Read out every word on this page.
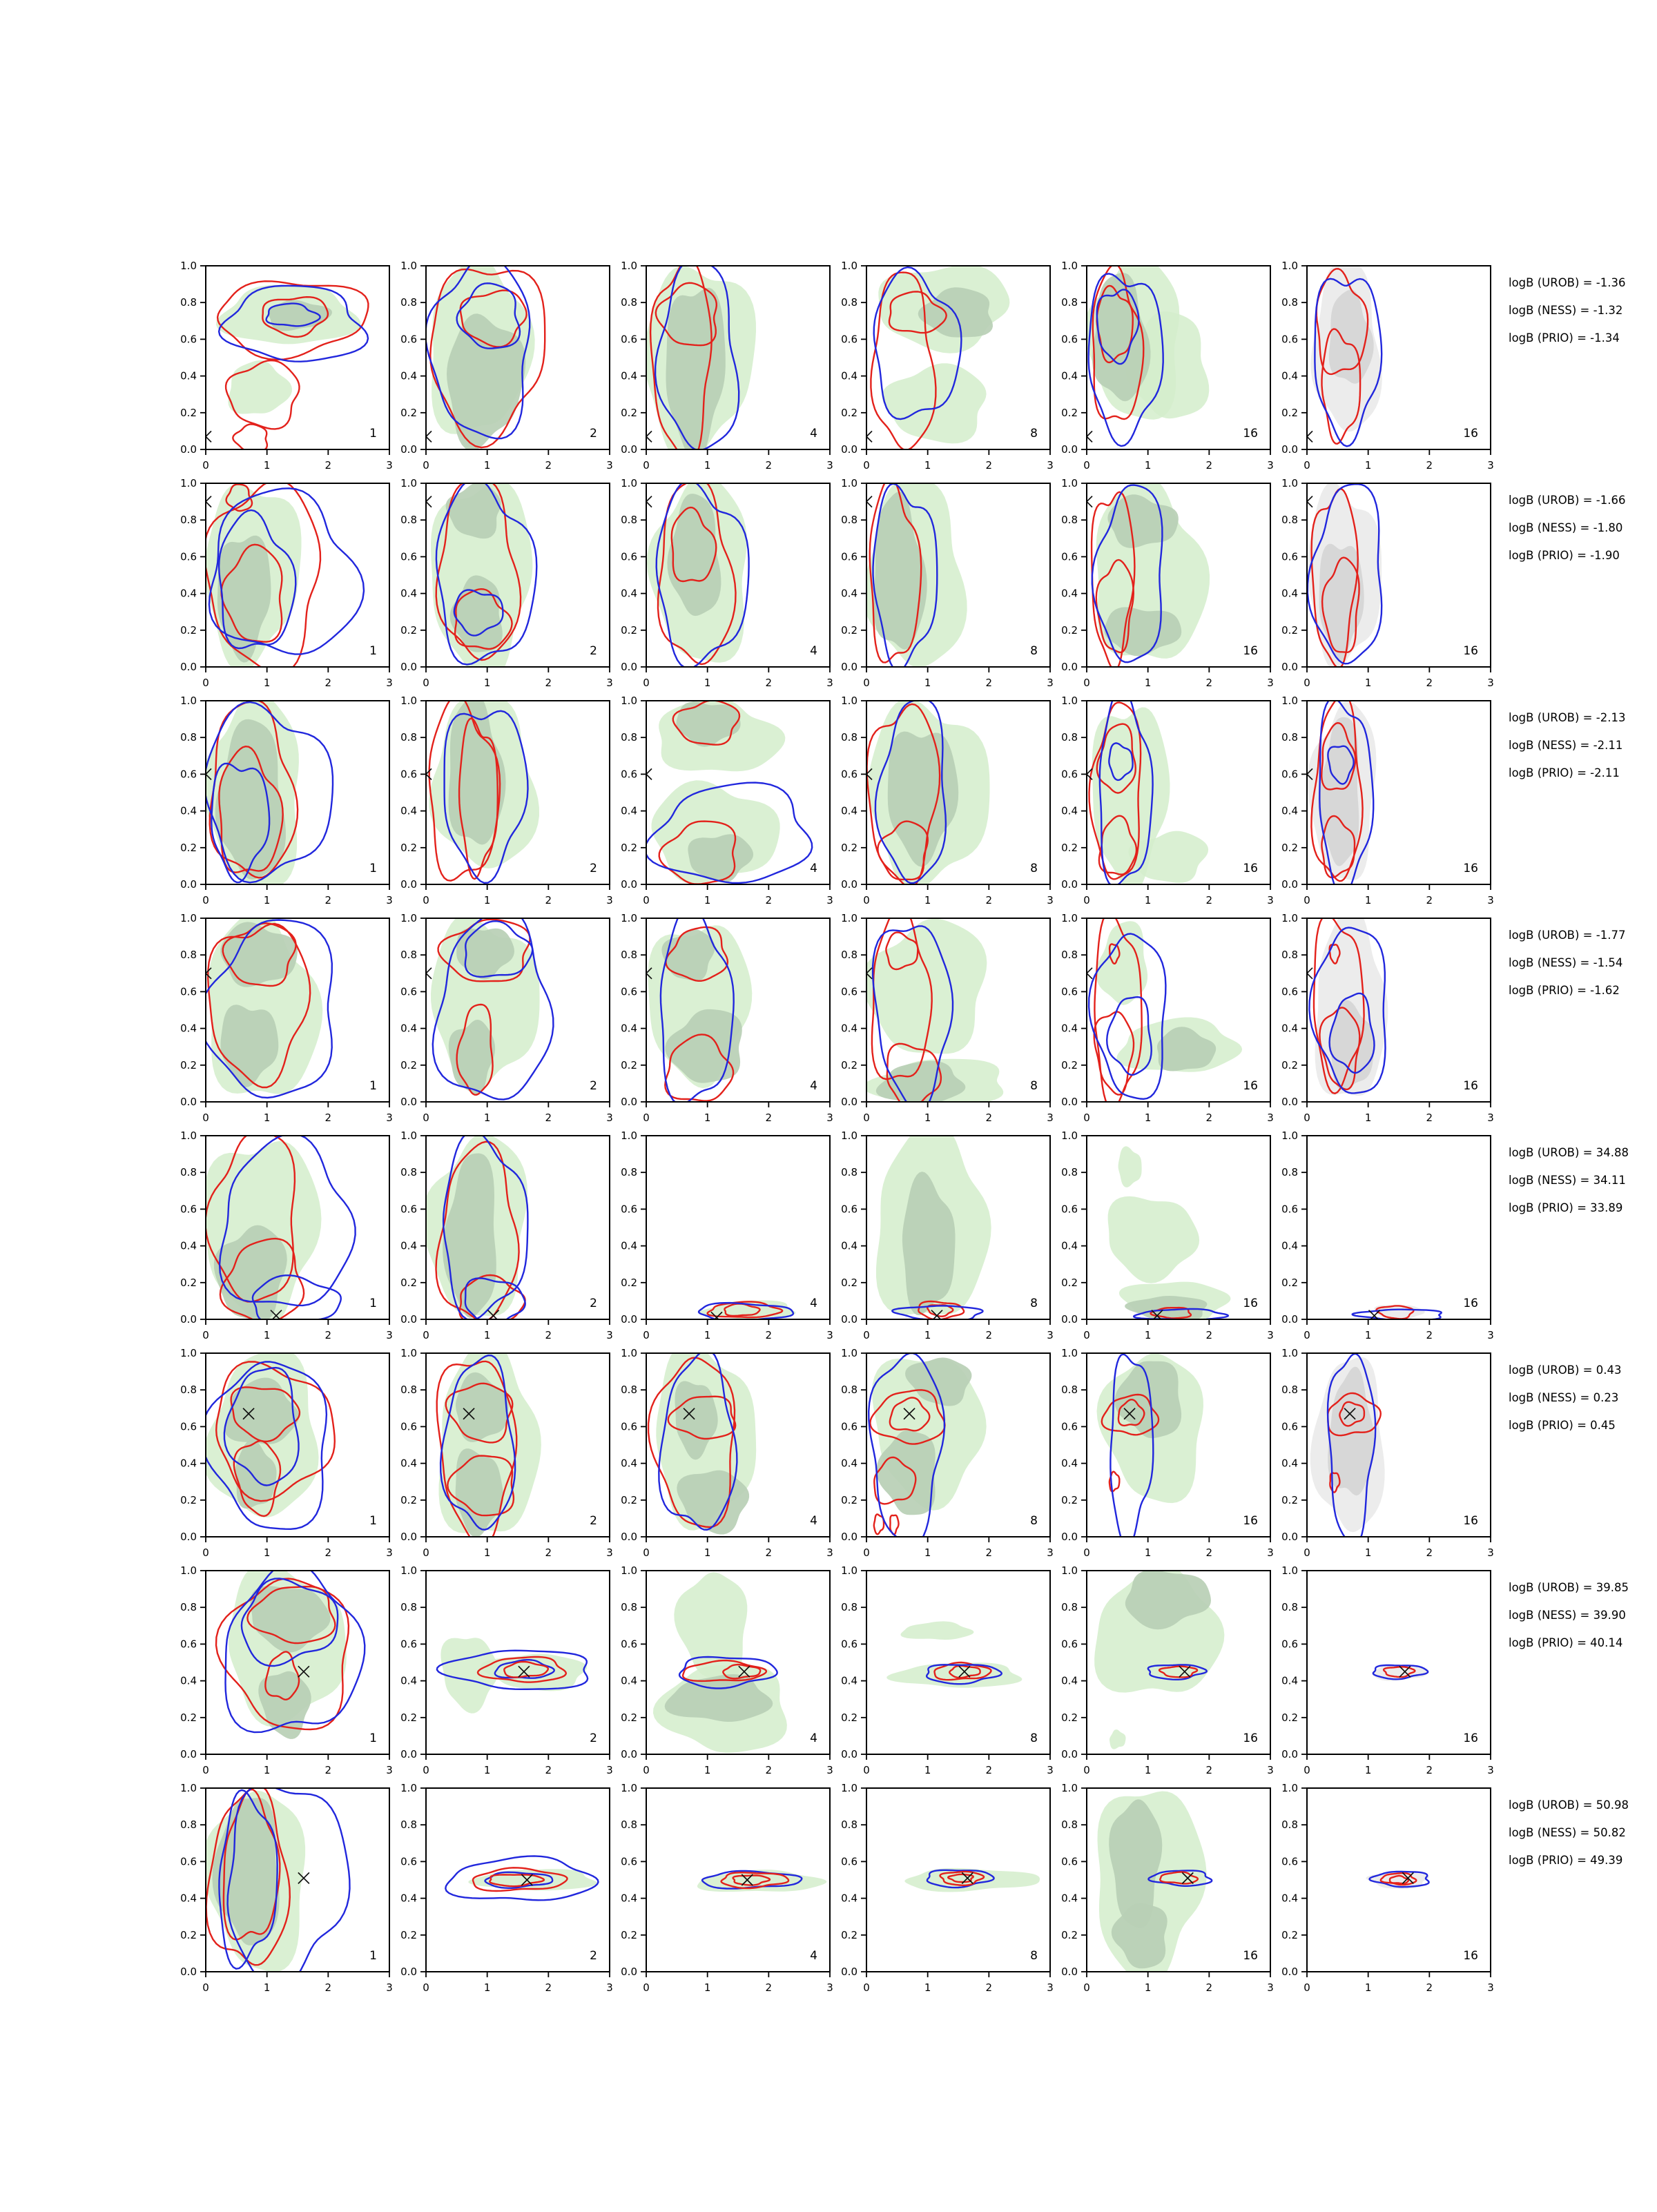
0	1	2	3
0.0
0.2
0.4
0.6
0.8
1.0
1
0	1	2	3
0.0
0.2
0.4
0.6
0.8
1.0
2
0	1	2	3
0.0
0.2
0.4
0.6
0.8
1.0
4
0	1	2	3
0.0
0.2
0.4
0.6
0.8
1.0
8
0	1	2	3
0.0
0.2
0.4
0.6
0.8
1.0
16
0	1	2	3
0.0
0.2
0.4
0.6
0.8
1.0
16
logB (UROB) = -1.36
logB (NESS) = -1.32
logB (PRIO) = -1.34
0	1	2	3
0.0
0.2
0.4
0.6
0.8
1.0
1
0	1	2	3
0.0
0.2
0.4
0.6
0.8
1.0
2
0	1	2	3
0.0
0.2
0.4
0.6
0.8
1.0
4
0	1	2	3
0.0
0.2
0.4
0.6
0.8
1.0
8
0	1	2	3
0.0
0.2
0.4
0.6
0.8
1.0
16
0	1	2	3
0.0
0.2
0.4
0.6
0.8
1.0
16
logB (UROB) = -1.66
logB (NESS) = -1.80
logB (PRIO) = -1.90
0	1	2	3
0.0
0.2
0.4
0.6
0.8
1.0
1
0	1	2	3
0.0
0.2
0.4
0.6
0.8
1.0
2
0	1	2	3
0.0
0.2
0.4
0.6
0.8
1.0
4
0	1	2	3
0.0
0.2
0.4
0.6
0.8
1.0
8
0	1	2	3
0.0
0.2
0.4
0.6
0.8
1.0
16
0	1	2	3
0.0
0.2
0.4
0.6
0.8
1.0
16
logB (UROB) = -2.13
logB (NESS) = -2.11
logB (PRIO) = -2.11
0	1	2	3
0.0
0.2
0.4
0.6
0.8
1.0
1
0	1	2	3
0.0
0.2
0.4
0.6
0.8
1.0
2
0	1	2	3
0.0
0.2
0.4
0.6
0.8
1.0
4
0	1	2	3
0.0
0.2
0.4
0.6
0.8
1.0
8
0	1	2	3
0.0
0.2
0.4
0.6
0.8
1.0
16
0	1	2	3
0.0
0.2
0.4
0.6
0.8
1.0
16
logB (UROB) = -1.77
logB (NESS) = -1.54
logB (PRIO) = -1.62
0	1	2	3
0.0
0.2
0.4
0.6
0.8
1.0
1
0	1	2	3
0.0
0.2
0.4
0.6
0.8
1.0
2
0	1	2	3
0.0
0.2
0.4
0.6
0.8
1.0
4
0	1	2	3
0.0
0.2
0.4
0.6
0.8
1.0
8
0	1	2	3
0.0
0.2
0.4
0.6
0.8
1.0
16
0	1	2	3
0.0
0.2
0.4
0.6
0.8
1.0
16
logB (UROB) = 34.88
logB (NESS) = 34.11
logB (PRIO) = 33.89
0	1	2	3
0.0
0.2
0.4
0.6
0.8
1.0
1
0	1	2	3
0.0
0.2
0.4
0.6
0.8
1.0
2
0	1	2	3
0.0
0.2
0.4
0.6
0.8
1.0
4
0	1	2	3
0.0
0.2
0.4
0.6
0.8
1.0
8
0	1	2	3
0.0
0.2
0.4
0.6
0.8
1.0
16
0	1	2	3
0.0
0.2
0.4
0.6
0.8
1.0
16
logB (UROB) = 0.43
logB (NESS) = 0.23
logB (PRIO) = 0.45
0	1	2	3
0.0
0.2
0.4
0.6
0.8
1.0
1
0	1	2	3
0.0
0.2
0.4
0.6
0.8
1.0
2
0	1	2	3
0.0
0.2
0.4
0.6
0.8
1.0
4
0	1	2	3
0.0
0.2
0.4
0.6
0.8
1.0
8
0	1	2	3
0.0
0.2
0.4
0.6
0.8
1.0
16
0	1	2	3
0.0
0.2
0.4
0.6
0.8
1.0
16
logB (UROB) = 39.85
logB (NESS) = 39.90
logB (PRIO) = 40.14
0	1	2	3
0.0
0.2
0.4
0.6
0.8
1.0
1
0	1	2	3
0.0
0.2
0.4
0.6
0.8
1.0
2
0	1	2	3
0.0
0.2
0.4
0.6
0.8
1.0
4
0	1	2	3
0.0
0.2
0.4
0.6
0.8
1.0
8
0	1	2	3
0.0
0.2
0.4
0.6
0.8
1.0
16
0	1	2	3
0.0
0.2
0.4
0.6
0.8
1.0
16
logB (UROB) = 50.98
logB (NESS) = 50.82
logB (PRIO) = 49.39
